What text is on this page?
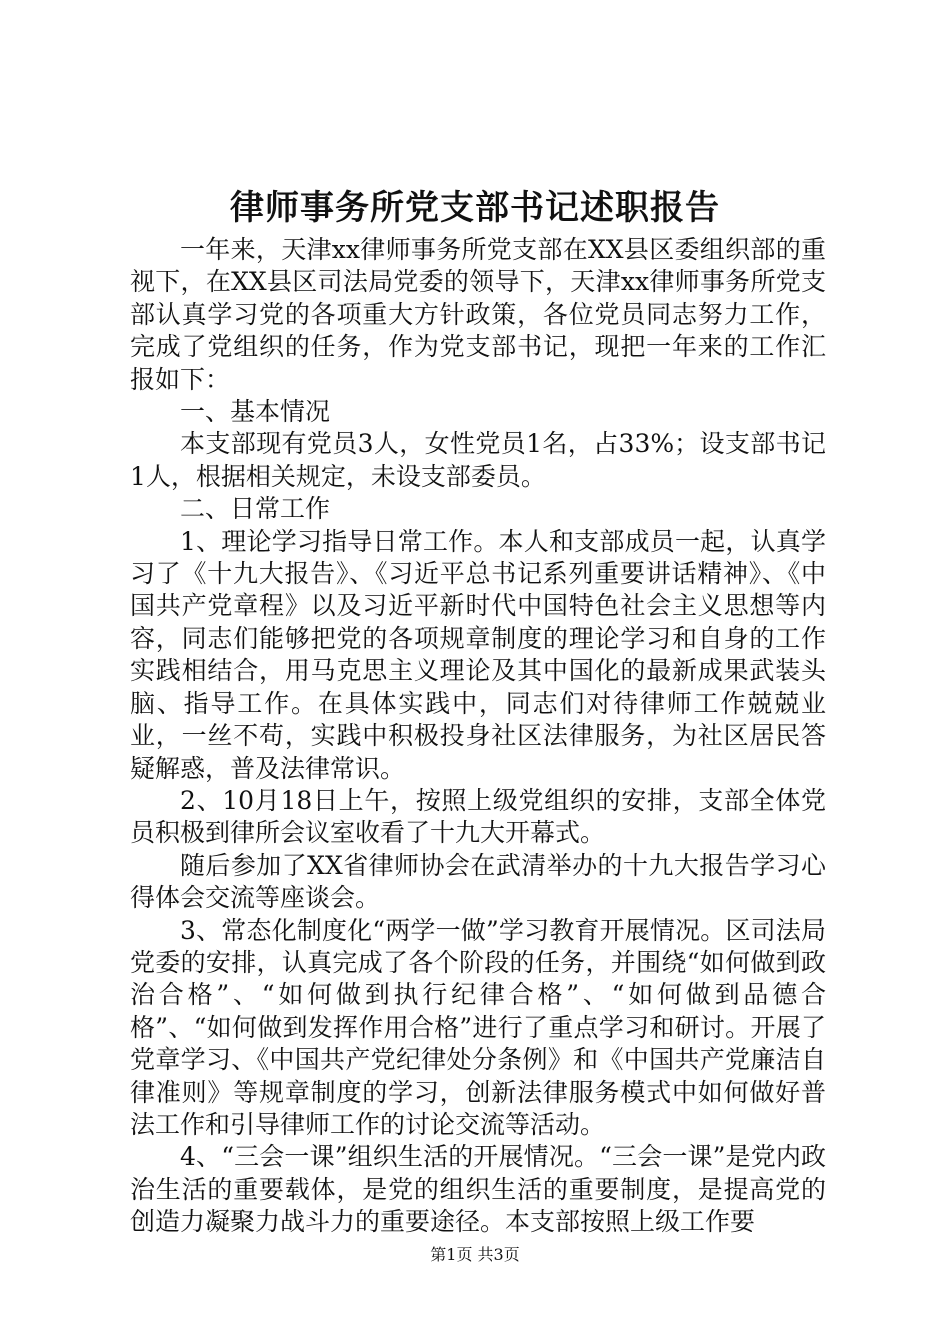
律师事务所党支部书记述职报告

一年来，天津xx律师事务所党支部在XX县区委组织部的重视下，在XX县区司法局党委的领导下，天津xx律师事务所党支部认真学习党的各项重大方针政策，各位党员同志努力工作，完成了党组织的任务，作为党支部书记，现把一年来的工作汇报如下：

一、基本情况

本支部现有党员3人，女性党员1名，占33%；设支部书记1人，根据相关规定，未设支部委员。

二、日常工作

1、理论学习指导日常工作。本人和支部成员一起，认真学习了《十九大报告》、《习近平总书记系列重要讲话精神》、《中国共产党章程》以及习近平新时代中国特色社会主义思想等内容，同志们能够把党的各项规章制度的理论学习和自身的工作实践相结合，用马克思主义理论及其中国化的最新成果武装头脑、指导工作。在具体实践中，同志们对待律师工作兢兢业业，一丝不苟，实践中积极投身社区法律服务，为社区居民答疑解惑，普及法律常识。

2、10月18日上午，按照上级党组织的安排，支部全体党员积极到律所会议室收看了十九大开幕式。

随后参加了XX省律师协会在武清举办的十九大报告学习心得体会交流等座谈会。

3、常态化制度化“两学一做”学习教育开展情况。区司法局党委的安排，认真完成了各个阶段的任务，并围绕“如何做到政治合格”、“如何做到执行纪律合格”、“如何做到品德合格”、“如何做到发挥作用合格”进行了重点学习和研讨。开展了党章学习、《中国共产党纪律处分条例》和《中国共产党廉洁自律准则》等规章制度的学习，创新法律服务模式中如何做好普法工作和引导律师工作的讨论交流等活动。

4、“三会一课”组织生活的开展情况。“三会一课”是党内政治生活的重要载体，是党的组织生活的重要制度，是提高党的创造力凝聚力战斗力的重要途径。本支部按照上级工作要

第1页 共3页
